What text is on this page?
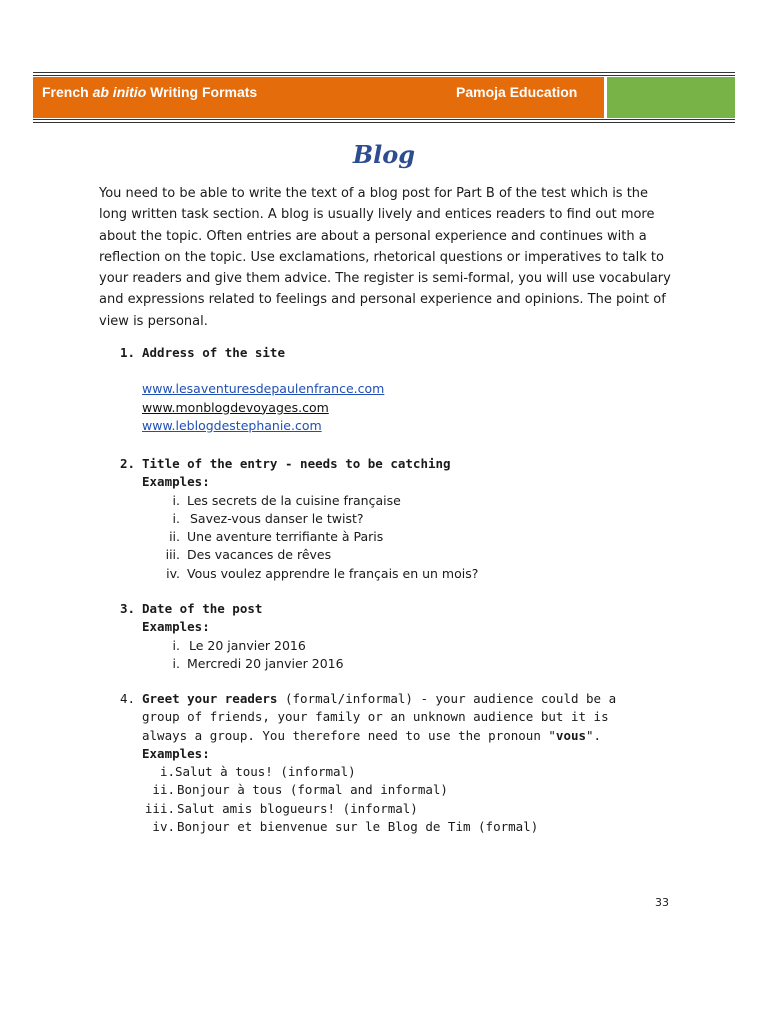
French ab initio Writing Formats	Pamoja Education
Blog
You need to be able to write the text of a blog post for Part B of the test which is the long written task section. A blog is usually lively and entices readers to find out more about the topic. Often entries are about a personal experience and continues with a reflection on the topic. Use exclamations, rhetorical questions or imperatives to talk to your readers and give them advice. The register is semi-formal, you will use vocabulary and expressions related to feelings and personal experience and opinions. The point of view is personal.
1. Address of the site
www.lesaventuresdepaulenfrance.com
www.monblogdevoyages.com
www.leblogdestephanie.com
2. Title of the entry - needs to be catching
Examples:
i. Les secrets de la cuisine française
i. Savez-vous danser le twist?
ii. Une aventure terrifiante à Paris
iii. Des vacances de rêves
iv. Vous voulez apprendre le français en un mois?
3. Date of the post
Examples:
i. Le 20 janvier 2016
i. Mercredi 20 janvier 2016
4. Greet your readers (formal/informal) - your audience could be a group of friends, your family or an unknown audience but it is always a group. You therefore need to use the pronoun "vous".
Examples:
i. Salut à tous! (informal)
ii. Bonjour à tous (formal and informal)
iii. Salut amis blogueurs! (informal)
iv. Bonjour et bienvenue sur le Blog de Tim (formal)
33
